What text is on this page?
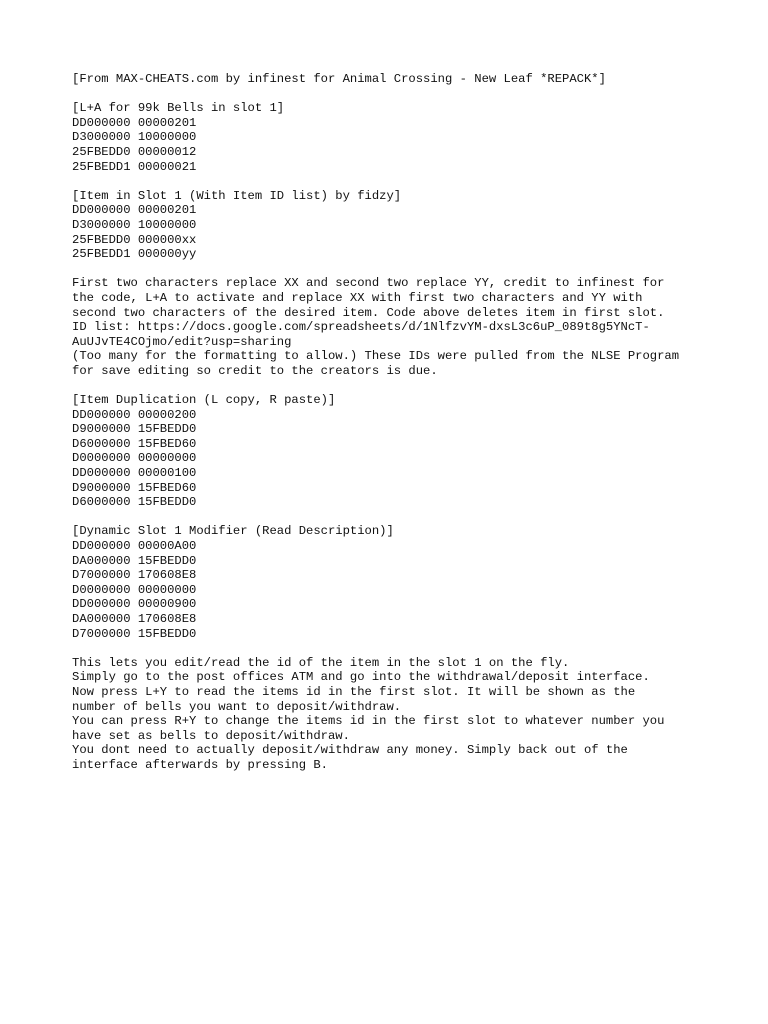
[From MAX-CHEATS.com by infinest for Animal Crossing - New Leaf *REPACK*]
[L+A for 99k Bells in slot 1]
DD000000 00000201
D3000000 10000000
25FBEDD0 00000012
25FBEDD1 00000021
[Item in Slot 1 (With Item ID list) by fidzy]
DD000000 00000201
D3000000 10000000
25FBEDD0 000000xx
25FBEDD1 000000yy
First two characters replace XX and second two replace YY, credit to infinest for
the code, L+A to activate and replace XX with first two characters and YY with
second two characters of the desired item. Code above deletes item in first slot.
ID list: https://docs.google.com/spreadsheets/d/1NlfzvYM-dxsL3c6uP_089t8g5YNcT-
AuUJvTE4COjmo/edit?usp=sharing
(Too many for the formatting to allow.) These IDs were pulled from the NLSE Program
for save editing so credit to the creators is due.
[Item Duplication (L copy, R paste)]
DD000000 00000200
D9000000 15FBEDD0
D6000000 15FBED60
D0000000 00000000
DD000000 00000100
D9000000 15FBED60
D6000000 15FBEDD0
[Dynamic Slot 1 Modifier (Read Description)]
DD000000 00000A00
DA000000 15FBEDD0
D7000000 170608E8
D0000000 00000000
DD000000 00000900
DA000000 170608E8
D7000000 15FBEDD0
This lets you edit/read the id of the item in the slot 1 on the fly.
Simply go to the post offices ATM and go into the withdrawal/deposit interface.
Now press L+Y to read the items id in the first slot. It will be shown as the
number of bells you want to deposit/withdraw.
You can press R+Y to change the items id in the first slot to whatever number you
have set as bells to deposit/withdraw.
You dont need to actually deposit/withdraw any money. Simply back out of the
interface afterwards by pressing B.
